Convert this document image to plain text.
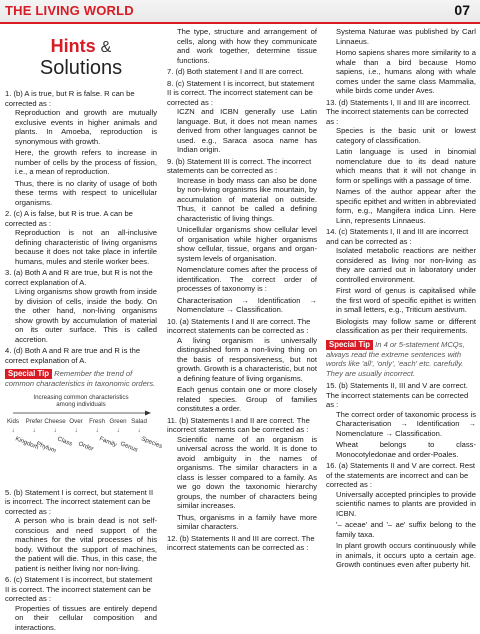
THE LIVING WORLD	07
Hints &
Solutions
1. (b) A is true, but R is false. R can be corrected as :
Reproduction and growth are mutually exclusive events in higher animals and plants. In Amoeba, reproduction is synonymous with growth.
Here, the growth refers to increase in number of cells by the process of fission, i.e., a mean of reproduction.
Thus, there is no clarity of usage of both these terms with respect to unicellular organisms.
2. (c) A is false, but R is true. A can be corrected as :
Reproduction is not an all-inclusive defining characteristic of living organisms because it does not take place in infertile humans, mules and sterile worker bees.
3. (a) Both A and R are true, but R is not the correct explanation of A.
Living organisms show growth from inside by division of cells, inside the body. On the other hand, non-living organisms show growth by accumulation of material on its outer surface. This is called accretion.
4. (d) Both A and R are true and R is the correct explanation of A.
Special Tip Remember the trend of common characteristics in taxonomic orders.
Increasing common characteristics
among individuals
Kids
↓
Kingdom
Prefer
↓
Phylum
Cheese
↓
Class
Over
↓
Order
Fresh
↓
Family
Green
↓
Genus
Salad
↓
Species
5. (b) Statement I is correct, but statement II is incorrect. The incorrect statement can be corrected as :
A person who is brain dead is not self-conscious and need support of the machines for the vital processes of his body. Without the support of machines, the patient will die. Thus, in this case, the patient is neither living nor non-living.
6. (c) Statement I is incorrect, but statement II is correct. The incorrect statement can be corrected as :
Properties of tissues are entirely depend on their cellular composition and interactions.
The type, structure and arrangement of cells, along with how they communicate and work together, determine tissue functions.
7. (d) Both statement I and II are correct.
8. (c) Statement I is incorrect, but statement II is correct. The incorrect statement can be corrected as :
ICZN and ICBN generally use Latin language. But, it does not mean names derived from other languages cannot be used. e.g., Saraca asoca name has Indian origin.
9. (b) Statement III is correct. The incorrect statements can be corrected as :
Increase in body mass can also be done by non-living organisms like mountain, by accumulation of material on outside. Thus, it cannot be called a defining characteristic of living things.
Unicellular organisms show cellular level of organisation while higher organisms show cellular, tissue, organs and organ-system levels of organisation.
Nomenclature comes after the process of identification. The correct order of processes of taxonomy is :
Characterisation → Identification → Nomenclature → Classification.
10. (a) Statements I and II are correct. The incorrect statements can be corrected as :
A living organism is universally distinguished form a non-living thing on the basis of responsiveness, but not growth. Growth is a characteristic, but not a defining feature of living organisms.
Each genus contain one or more closely related species. Group of families constitutes a order.
11. (b) Statements I and II are correct. The incorrect statements can be corrected as :
Scientific name of an organism is universal across the world. It is done to avoid ambiguity in the names of organisms. The similar characters in a class is lesser compared to a family. As we go down the taxonomic hierarchy groups, the number of characters being similar increases.
Thus, organisms in a family have more similar characters.
12. (b) Statements II and III are correct. The incorrect statements can be corrected as :
Systema Naturae was published by Carl Linnaeus.
Homo sapiens shares more similarity to a whale than a bird because Homo sapiens, i.e., humans along with whale comes under the same class Mammalia, while birds come under Aves.
13. (d) Statements I, II and III are incorrect. The incorrect statements can be corrected as :
Species is the basic unit or lowest category of classification.
Latin language is used in binomial nomenclature due to its dead nature which means that it will not change in form or spellings with a passage of time.
Names of the author appear after the specific epithet and written in abbreviated form, e.g., Mangifera indica Linn. Here Linn, represents Linnaeus.
14. (c) Statements I, II and III are incorrect and can be corrected as :
Isolated metabolic reactions are neither considered as living nor non-living as they are carried out in laboratory under controlled environment.
First word of genus is capitalised while the first word of specific epithet is written in small letters, e.g., Triticum aestivum.
Biologists may follow same or different classification as per their requirements.
Special Tip In 4 or 5-statement MCQs, always read the extreme sentences with words like 'all', 'only', 'each' etc. carefully. They are usually incorrect.
15. (b) Statements II, III and V are correct. The incorrect statements can be corrected as :
The correct order of taxonomic process is Characterisation → Identification → Nomenclature → Classification.
Wheat belongs to class-Monocotyledonae and order-Poales.
16. (a) Statements II and V are correct. Rest of the statements are incorrect and can be corrected as :
Universally accepted principles to provide scientific names to plants are provided in ICBN.
'– aceae' and '– ae' suffix belong to the family taxa.
In plant growth occurs continuously while in animals, it occurs upto a certain age. Growth continues even after puberty hit.
